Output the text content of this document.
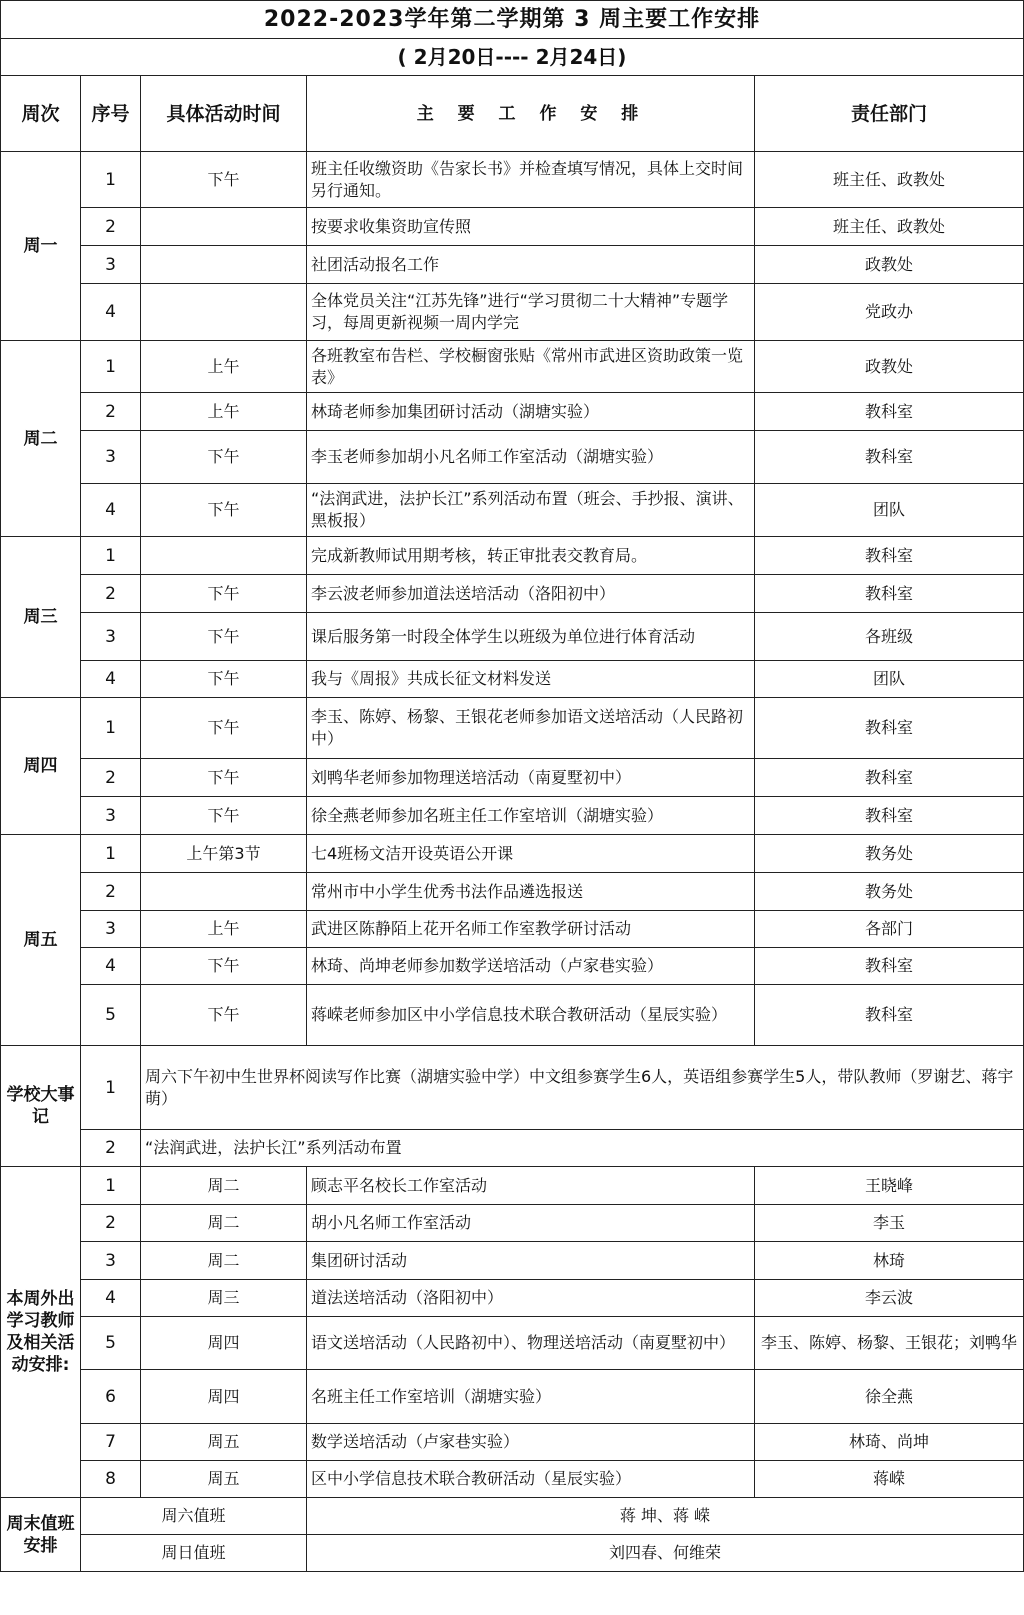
2022-2023学年第二学期第 3 周主要工作安排				
( 2月20日---- 2月24日)				
周次	序号	具体活动时间	主 要 工 作 安 排	责任部门
周一	1	下午	班主任收缴资助《告家长书》并检查填写情况，具体上交时间另行通知。	班主任、政教处
	2		按要求收集资助宣传照	班主任、政教处
	3		社团活动报名工作	政教处
	4		全体党员关注“江苏先锋”进行“学习贯彻二十大精神”专题学习，每周更新视频一周内学完	党政办
周二	1	上午	各班教室布告栏、学校橱窗张贴《常州市武进区资助政策一览表》	政教处
	2	上午	林琦老师参加集团研讨活动（湖塘实验）	教科室
	3	下午	李玉老师参加胡小凡名师工作室活动（湖塘实验）	教科室
	4	下午	“法润武进，法护长江”系列活动布置（班会、手抄报、演讲、黑板报）	团队
周三	1		完成新教师试用期考核，转正审批表交教育局。	教科室
	2	下午	李云波老师参加道法送培活动（洛阳初中）	教科室
	3	下午	课后服务第一时段全体学生以班级为单位进行体育活动	各班级
	4	下午	我与《周报》共成长征文材料发送	团队
周四	1	下午	李玉、陈婷、杨黎、王银花老师参加语文送培活动（人民路初中）	教科室
	2	下午	刘鸭华老师参加物理送培活动（南夏墅初中）	教科室
	3	下午	徐全燕老师参加名班主任工作室培训（湖塘实验）	教科室
周五	1	上午第3节	七4班杨文洁开设英语公开课	教务处
	2		常州市中小学生优秀书法作品遴选报送	教务处
	3	上午	武进区陈静陌上花开名师工作室教学研讨活动	各部门
	4	下午	林琦、尚坤老师参加数学送培活动（卢家巷实验）	教科室
	5	下午	蒋嵘老师参加区中小学信息技术联合教研活动（星辰实验）	教科室
学校大事记	1	周六下午初中生世界杯阅读写作比赛（湖塘实验中学）中文组参赛学生6人，英语组参赛学生5人，带队教师（罗谢艺、蒋宇萌）		
	2	“法润武进，法护长江”系列活动布置		
本周外出学习教师及相关活动安排:	1	周二	顾志平名校长工作室活动	王晓峰
	2	周二	胡小凡名师工作室活动	李玉
	3	周二	集团研讨活动	林琦
	4	周三	道法送培活动（洛阳初中）	李云波
	5	周四	语文送培活动（人民路初中）、物理送培活动（南夏墅初中）	李玉、陈婷、杨黎、王银花；刘鸭华
	6	周四	名班主任工作室培训（湖塘实验）	徐全燕
	7	周五	数学送培活动（卢家巷实验）	林琦、尚坤
	8	周五	区中小学信息技术联合教研活动（星辰实验）	蒋嵘
周末值班安排	周六值班		蒋 坤、蒋 嵘	
	周日值班		刘四春、何维荣	
